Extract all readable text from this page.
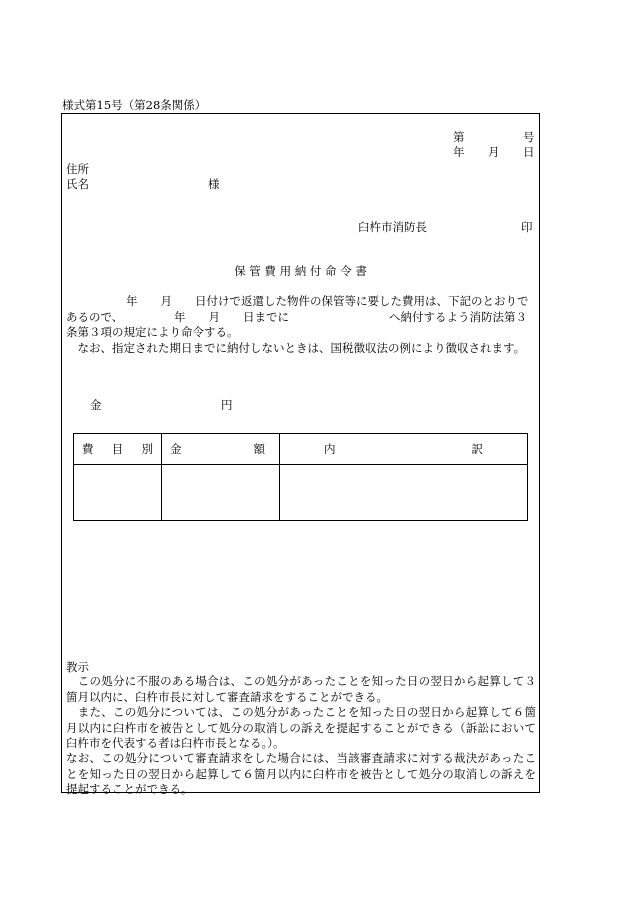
様式第15号（第28条関係）
第	号
年 月 日
住所
氏名	様
臼杵市消防長	印
保 管 費 用 納 付 命 令 書
年　　月　　日付けで返還した物件の保管等に要した費用は、下記のとおりで
あるので、	年　　月　　日までに	へ納付するよう消防法第３
条第３項の規定により命令する。
　なお、指定された期日までに納付しないときは、国税徴収法の例により徴収されます。
金	円
費 目 別	金 額	内 訳

教示
　この処分に不服のある場合は、この処分があったことを知った日の翌日から起算して３箇月以内に、臼杵市長に対して審査請求をすることができる。
　また、この処分については、この処分があったことを知った日の翌日から起算して６箇月以内に臼杵市を被告として処分の取消しの訴えを提起することができる（訴訟において臼杵市を代表する者は臼杵市長となる。）。
なお、この処分について審査請求をした場合には、当該審査請求に対する裁決があったことを知った日の翌日から起算して６箇月以内に臼杵市を被告として処分の取消しの訴えを提起することができる。
